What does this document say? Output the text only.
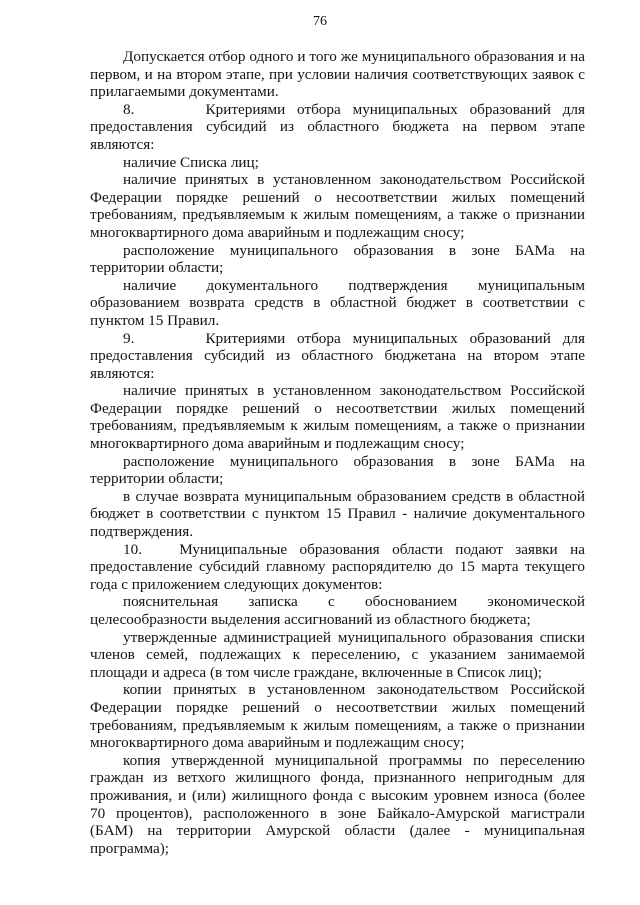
76

Допускается отбор одного и того же муниципального образования и на первом, и на втором этапе, при условии наличия соответствующих заявок с прилагаемыми документами.

8.      Критериями отбора муниципальных образований для предоставления субсидий из областного бюджета на первом этапе являются:

наличие Списка лиц;

наличие принятых в установленном законодательством Российской Федерации порядке решений о несоответствии жилых помещений требованиям, предъявляемым к жилым помещениям, а также о признании многоквартирного дома аварийным и подлежащим сносу;

расположение муниципального образования в зоне БАМа на территории области;

наличие документального подтверждения муниципальным образованием возврата средств в областной бюджет в соответствии с пунктом 15 Правил.

9.      Критериями отбора муниципальных образований для предоставления субсидий из областного бюджетана на втором этапе являются:

наличие принятых в установленном законодательством Российской Федерации порядке решений о несоответствии жилых помещений требованиям, предъявляемым к жилым помещениям, а также о признании многоквартирного дома аварийным и подлежащим сносу;

расположение муниципального образования в зоне БАМа на территории области;

в случае возврата муниципальным образованием средств в областной бюджет в соответствии с пунктом 15 Правил - наличие документального подтверждения.

10.   Муниципальные образования области подают заявки на предоставление субсидий главному распорядителю до 15 марта текущего года с приложением следующих документов:

пояснительная записка с обоснованием экономической целесообразности выделения ассигнований из областного бюджета;

утвержденные администрацией муниципального образования списки членов семей, подлежащих к переселению, с указанием занимаемой площади и адреса (в том числе граждане, включенные в Список лиц);

копии принятых в установленном законодательством Российской Федерации порядке решений о несоответствии жилых помещений требованиям, предъявляемым к жилым помещениям, а также о признании многоквартирного дома аварийным и подлежащим сносу;

копия утвержденной муниципальной программы по переселению граждан из ветхого жилищного фонда, признанного непригодным для проживания, и (или) жилищного фонда с высоким уровнем износа (более 70 процентов), расположенного в зоне Байкало-Амурской магистрали (БАМ) на территории Амурской области (далее - муниципальная программа);
